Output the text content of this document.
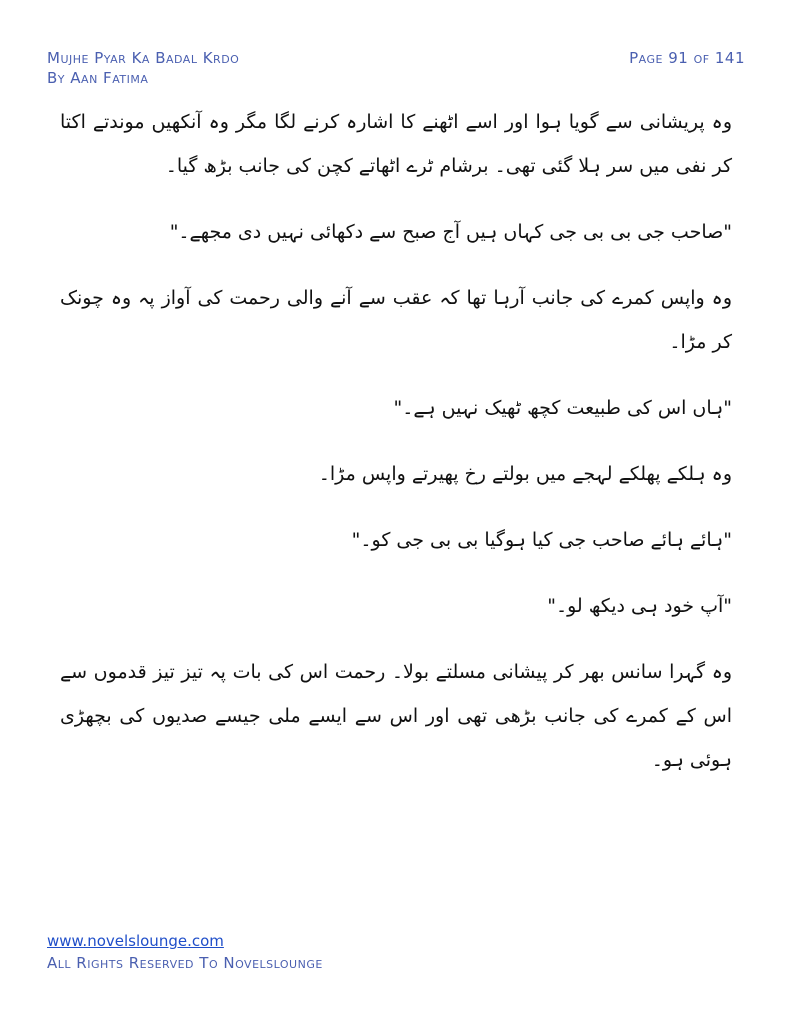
Mujhe Pyar Ka Badal Krdo	Page 91 of 141
By Aan Fatima

وہ پریشانی سے گویا ہوا اور اسے اٹھنے کا اشارہ کرنے لگا مگر وہ آنکھیں موندتے اکتا کر نفی میں سر ہلا گئی تھی۔ برشام ٹرے اٹھاتے کچن کی جانب بڑھ گیا۔

"صاحب جی بی بی جی کہاں ہیں آج صبح سے دکھائی نہیں دی مجھے۔"

وہ واپس کمرے کی جانب آرہا تھا کہ عقب سے آنے والی رحمت کی آواز پہ وہ چونک کر مڑا۔

"ہاں اس کی طبیعت کچھ ٹھیک نہیں ہے۔"

وہ ہلکے پھلکے لہجے میں بولتے رخ پھیرتے واپس مڑا۔

"ہائے ہائے صاحب جی کیا ہوگیا بی بی جی کو۔"

"آپ خود ہی دیکھ لو۔"

وہ گہرا سانس بھر کر پیشانی مسلتے بولا۔ رحمت اس کی بات پہ تیز تیز قدموں سے اس کے کمرے کی جانب بڑھی تھی اور اس سے ایسے ملی جیسے صدیوں کی بچھڑی ہوئی ہو۔

www.novelslounge.com
All Rights Reserved To Novelslounge
